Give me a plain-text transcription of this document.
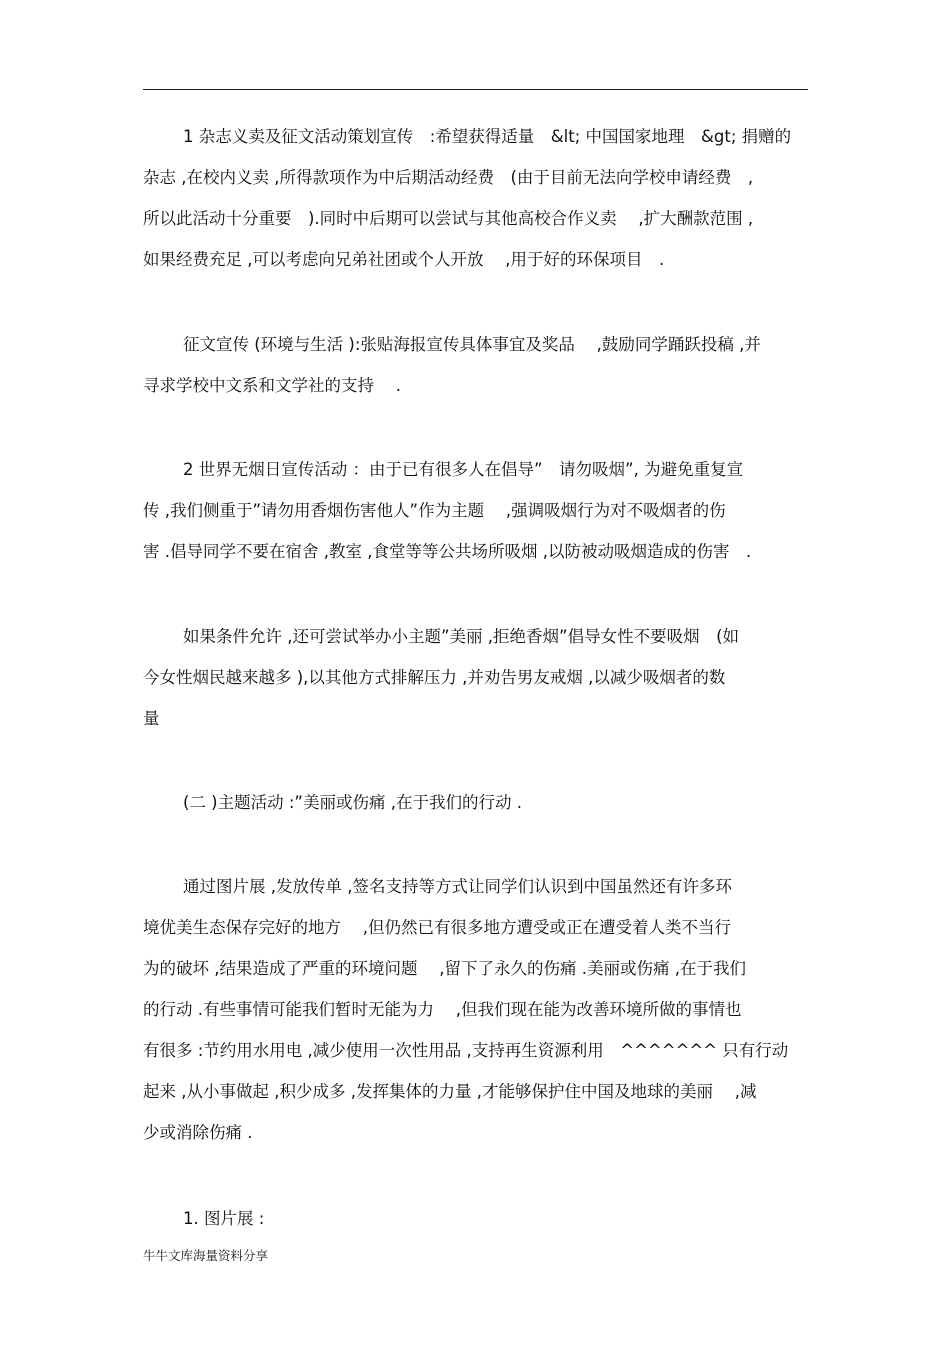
1 杂志义卖及征文活动策划宣传　:希望获得适量　&lt; 中国国家地理　&gt; 捐赠的
杂志 ,在校内义卖 ,所得款项作为中后期活动经费　(由于目前无法向学校申请经费　,
所以此活动十分重要　).同时中后期可以尝试与其他高校合作义卖　 ,扩大酬款范围 ,
如果经费充足 ,可以考虑向兄弟社团或个人开放　 ,用于好的环保项目　.
征文宣传 (环境与生活 ):张贴海报宣传具体事宜及奖品　 ,鼓励同学踊跃投稿 ,并
寻求学校中文系和文学社的支持　 .
2 世界无烟日宣传活动 ：由于已有很多人在倡导”　请勿吸烟”, 为避免重复宣
传 ,我们侧重于”请勿用香烟伤害他人”作为主题　 ,强调吸烟行为对不吸烟者的伤
害 .倡导同学不要在宿舍 ,教室 ,食堂等等公共场所吸烟 ,以防被动吸烟造成的伤害　.
如果条件允许 ,还可尝试举办小主题”美丽 ,拒绝香烟”倡导女性不要吸烟　(如
今女性烟民越来越多 ),以其他方式排解压力 ,并劝告男友戒烟 ,以减少吸烟者的数
量
(二 )主题活动 :”美丽或伤痛 ,在于我们的行动 .
通过图片展 ,发放传单 ,签名支持等方式让同学们认识到中国虽然还有许多环
境优美生态保存完好的地方　 ,但仍然已有很多地方遭受或正在遭受着人类不当行
为的破坏 ,结果造成了严重的环境问题　 ,留下了永久的伤痛 .美丽或伤痛 ,在于我们
的行动 .有些事情可能我们暂时无能为力　 ,但我们现在能为改善环境所做的事情也
有很多 :节约用水用电 ,减少使用一次性用品 ,支持再生资源利用　^^^^^^^ 只有行动
起来 ,从小事做起 ,积少成多 ,发挥集体的力量 ,才能够保护住中国及地球的美丽　 ,减
少或消除伤痛 .
1. 图片展 :
牛牛文库海量资料分享
